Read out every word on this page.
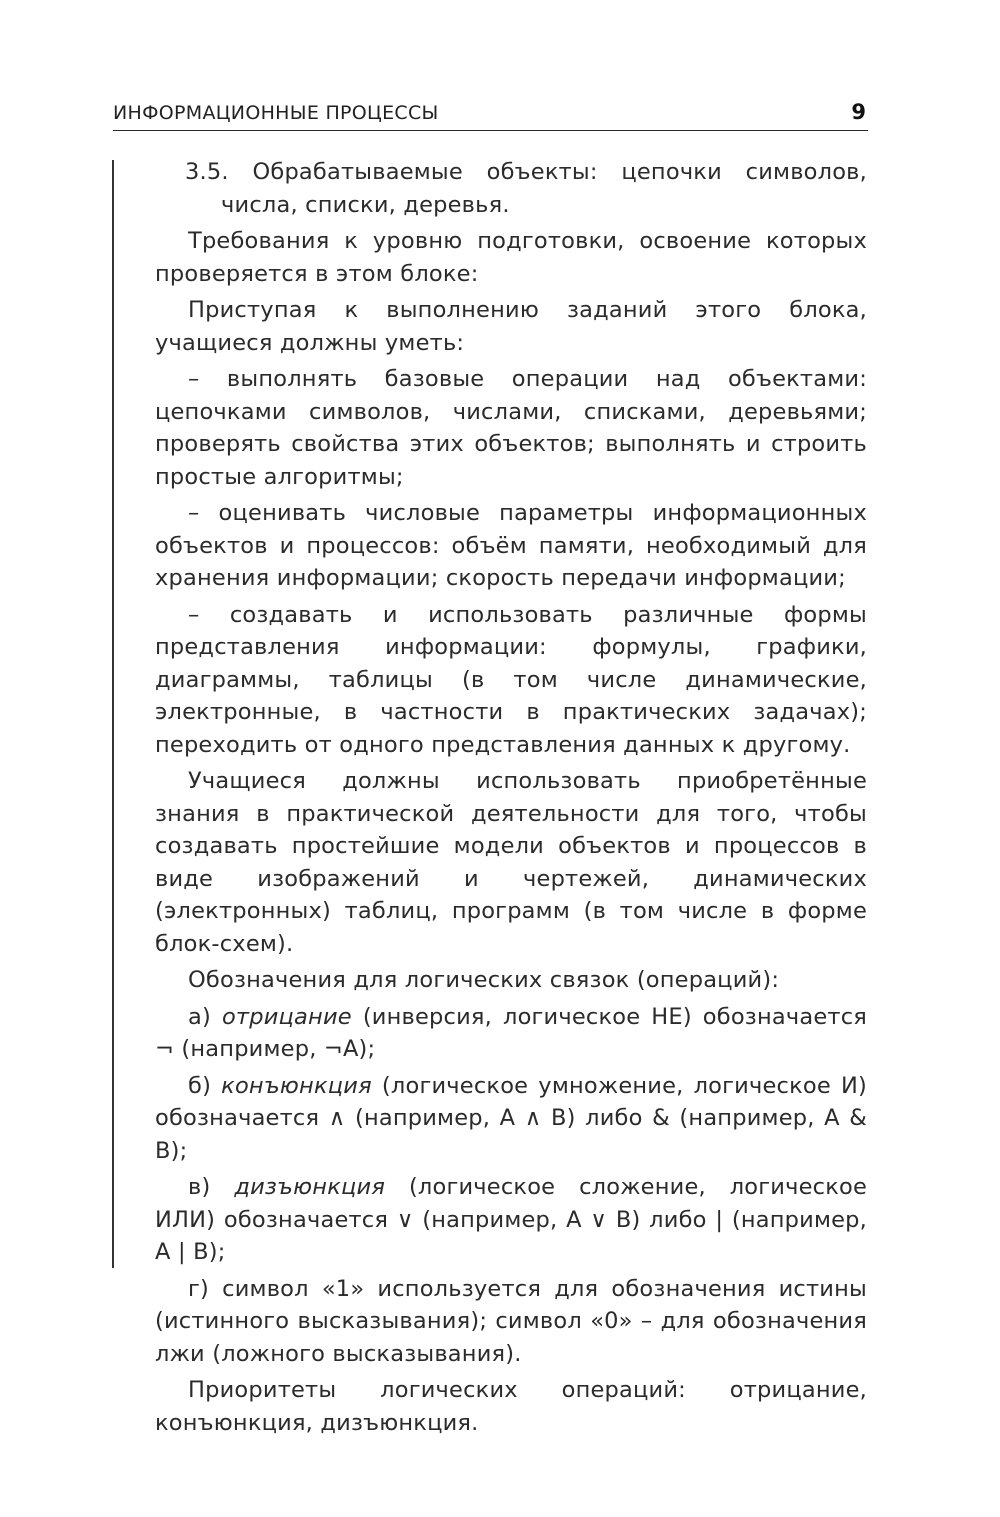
ИНФОРМАЦИОННЫЕ ПРОЦЕССЫ	9

3.5. Обрабатываемые объекты: цепочки символов, числа, списки, деревья.

Требования к уровню подготовки, освоение которых проверяется в этом блоке:

Приступая к выполнению заданий этого блока, учащиеся должны уметь:

– выполнять базовые операции над объектами: цепочками символов, числами, списками, деревьями; проверять свойства этих объектов; выполнять и строить простые алгоритмы;

– оценивать числовые параметры информационных объектов и процессов: объём памяти, необходимый для хранения информации; скорость передачи информации;

– создавать и использовать различные формы представления информации: формулы, графики, диаграммы, таблицы (в том числе динамические, электронные, в частности в практических задачах); переходить от одного представления данных к другому.

Учащиеся должны использовать приобретённые знания в практической деятельности для того, чтобы создавать простейшие модели объектов и процессов в виде изображений и чертежей, динамических (электронных) таблиц, программ (в том числе в форме блок-схем).

Обозначения для логических связок (операций):

а) отрицание (инверсия, логическое НЕ) обозначается ¬ (например, ¬А);

б) конъюнкция (логическое умножение, логическое И) обозначается ∧ (например, А ∧ В) либо & (например, А & В);

в) дизъюнкция (логическое сложение, логическое ИЛИ) обозначается ∨ (например, А ∨ В) либо | (например, А | В);

г) символ «1» используется для обозначения истины (истинного высказывания); символ «0» – для обозначения лжи (ложного высказывания).

Приоритеты логических операций: отрицание, конъюнкция, дизъюнкция.
